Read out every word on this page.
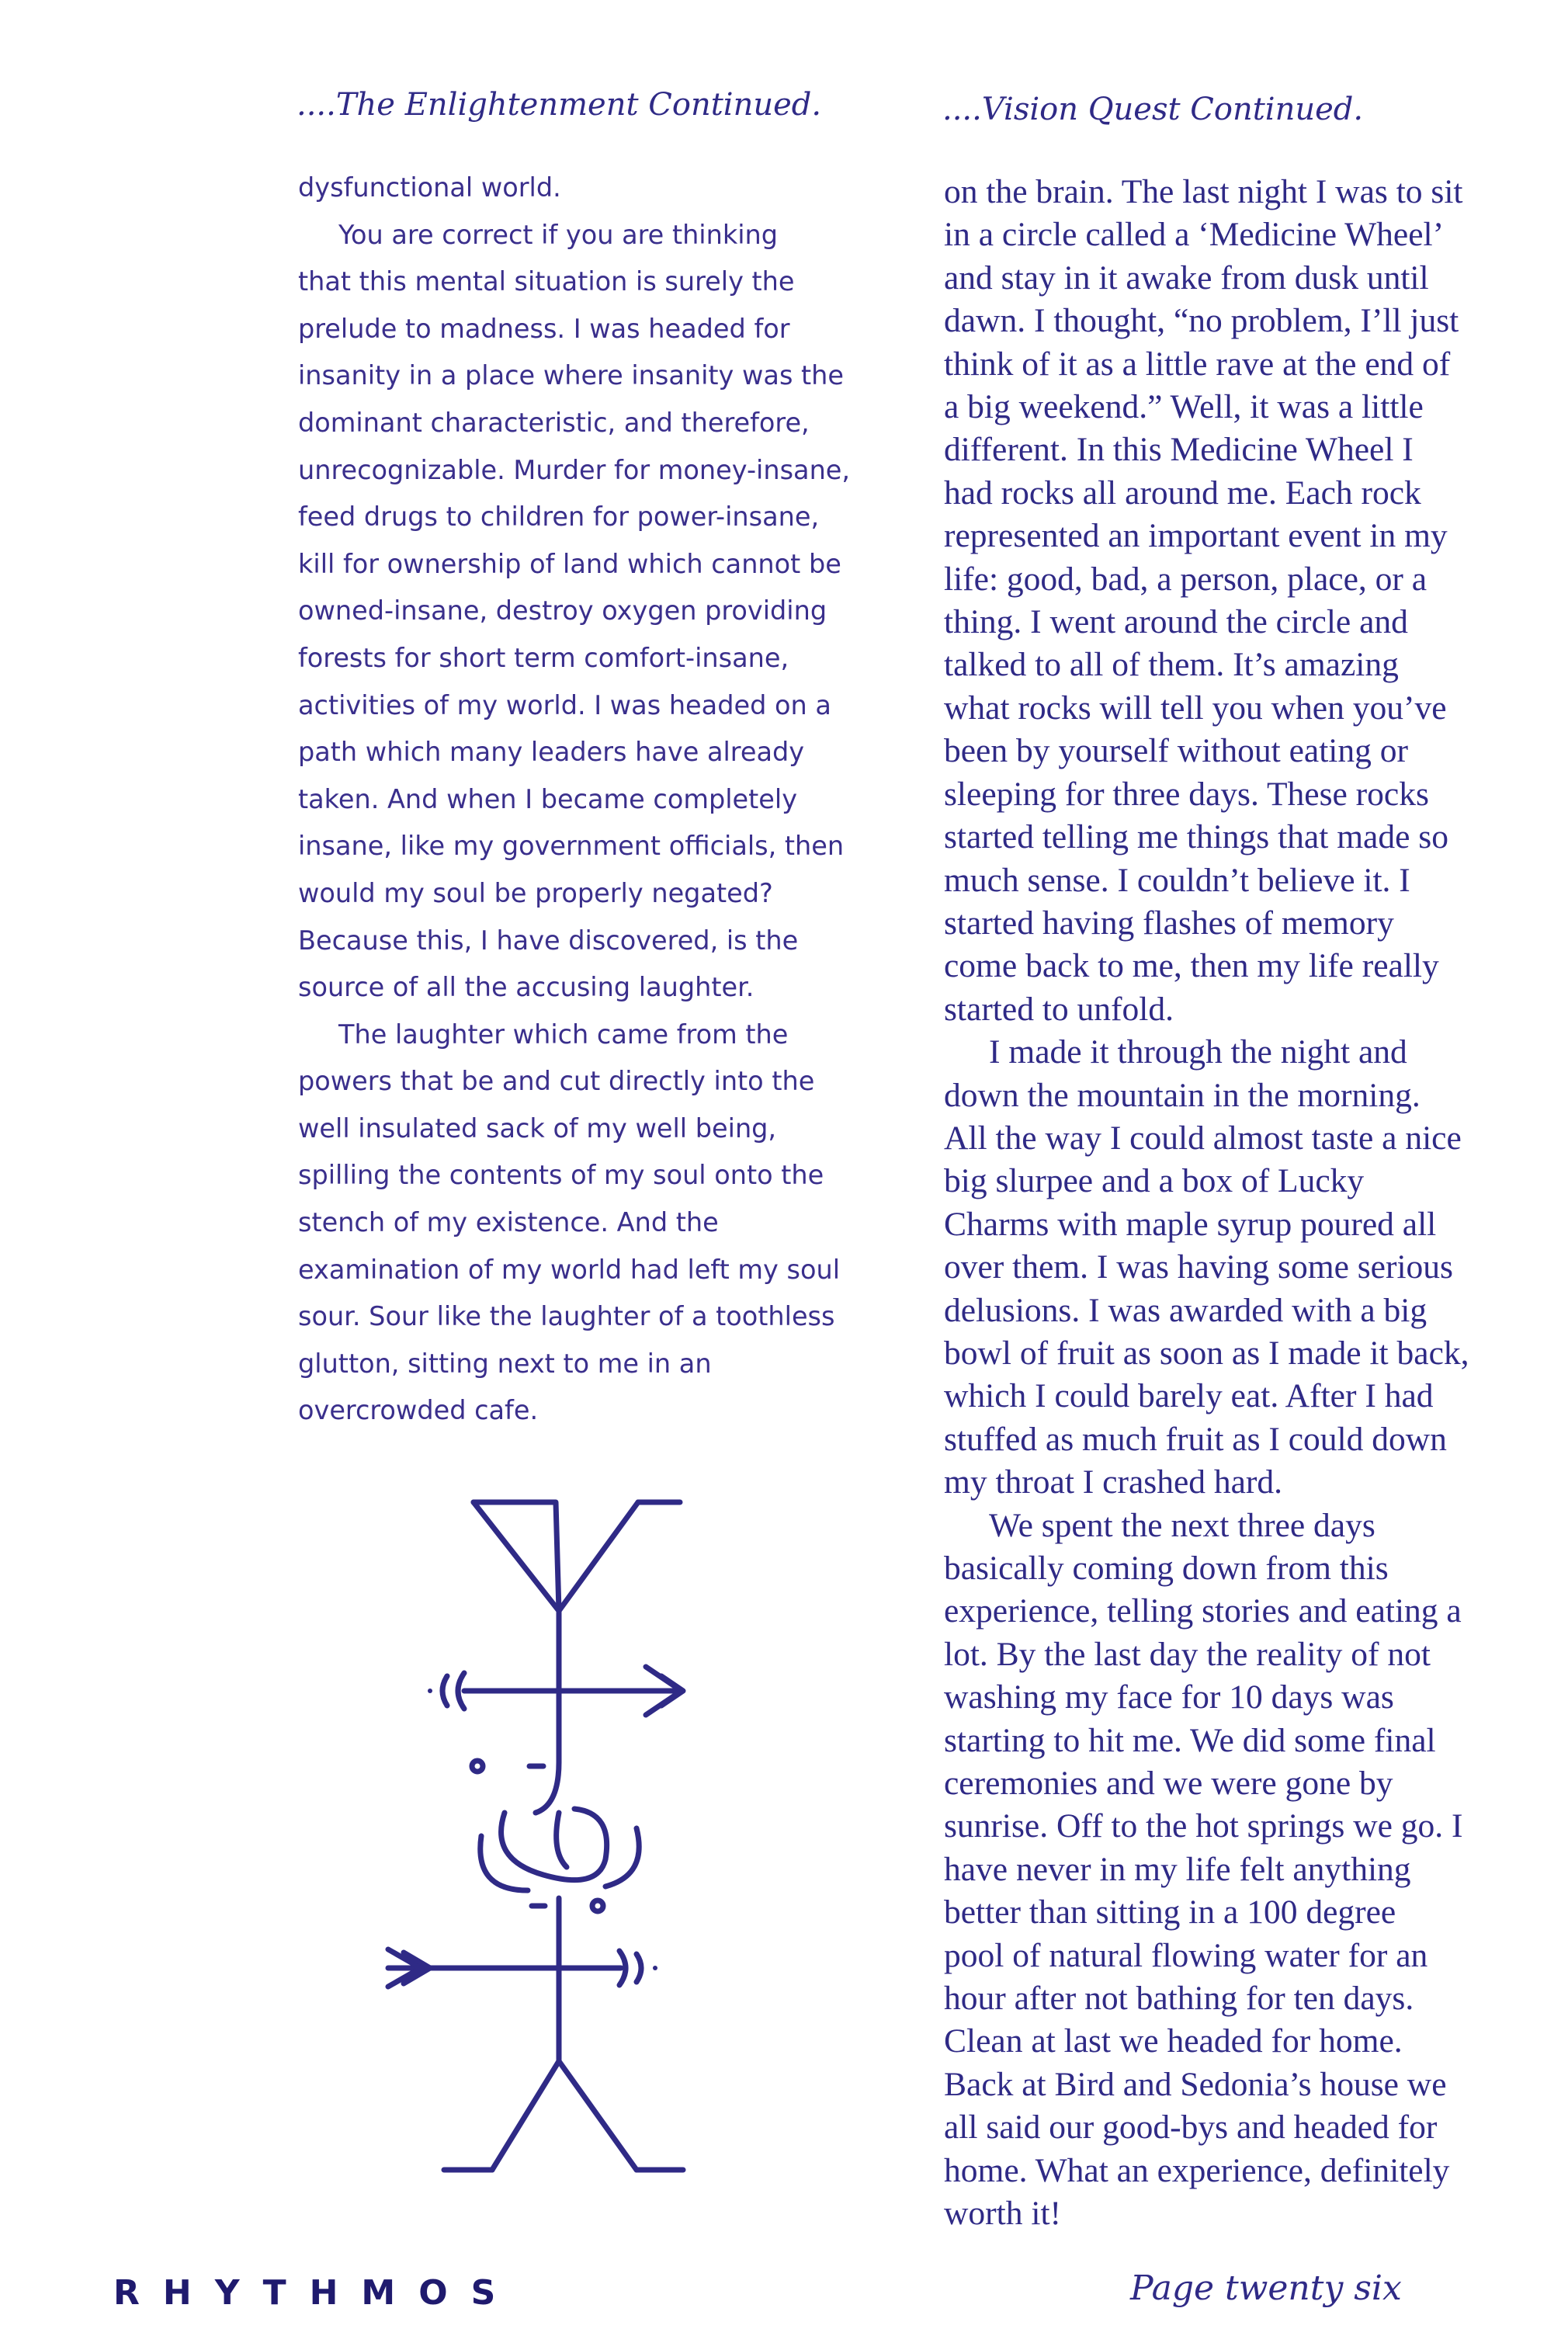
....The Enlightenment Continued.	....Vision Quest Continued.
dysfunctional world.
You are correct if you are thinking
that this mental situation is surely the
prelude to madness. I was headed for
insanity in a place where insanity was the
dominant characteristic, and therefore,
unrecognizable. Murder for money-insane,
feed drugs to children for power-insane,
kill for ownership of land which cannot be
owned-insane, destroy oxygen providing
forests for short term comfort-insane,
activities of my world. I was headed on a
path which many leaders have already
taken. And when I became completely
insane, like my government officials, then
would my soul be properly negated?
Because this, I have discovered, is the
source of all the accusing laughter.
The laughter which came from the
powers that be and cut directly into the
well insulated sack of my well being,
spilling the contents of my soul onto the
stench of my existence. And the
examination of my world had left my soul
sour. Sour like the laughter of a toothless
glutton, sitting next to me in an
overcrowded cafe.
on the brain. The last night I was to sit
in a circle called a ‘Medicine Wheel’
and stay in it awake from dusk until
dawn. I thought, “no problem, I’ll just
think of it as a little rave at the end of
a big weekend.” Well, it was a little
different. In this Medicine Wheel I
had rocks all around me. Each rock
represented an important event in my
life: good, bad, a person, place, or a
thing. I went around the circle and
talked to all of them. It’s amazing
what rocks will tell you when you’ve
been by yourself without eating or
sleeping for three days. These rocks
started telling me things that made so
much sense. I couldn’t believe it. I
started having flashes of memory
come back to me, then my life really
started to unfold.
I made it through the night and
down the mountain in the morning.
All the way I could almost taste a nice
big slurpee and a box of Lucky
Charms with maple syrup poured all
over them. I was having some serious
delusions. I was awarded with a big
bowl of fruit as soon as I made it back,
which I could barely eat. After I had
stuffed as much fruit as I could down
my throat I crashed hard.
We spent the next three days
basically coming down from this
experience, telling stories and eating a
lot. By the last day the reality of not
washing my face for 10 days was
starting to hit me. We did some final
ceremonies and we were gone by
sunrise. Off to the hot springs we go. I
have never in my life felt anything
better than sitting in a 100 degree
pool of natural flowing water for an
hour after not bathing for ten days.
Clean at last we headed for home.
Back at Bird and Sedonia’s house we
all said our good-bys and headed for
home. What an experience, definitely
worth it!
RHYTHMOS	Page twenty six
